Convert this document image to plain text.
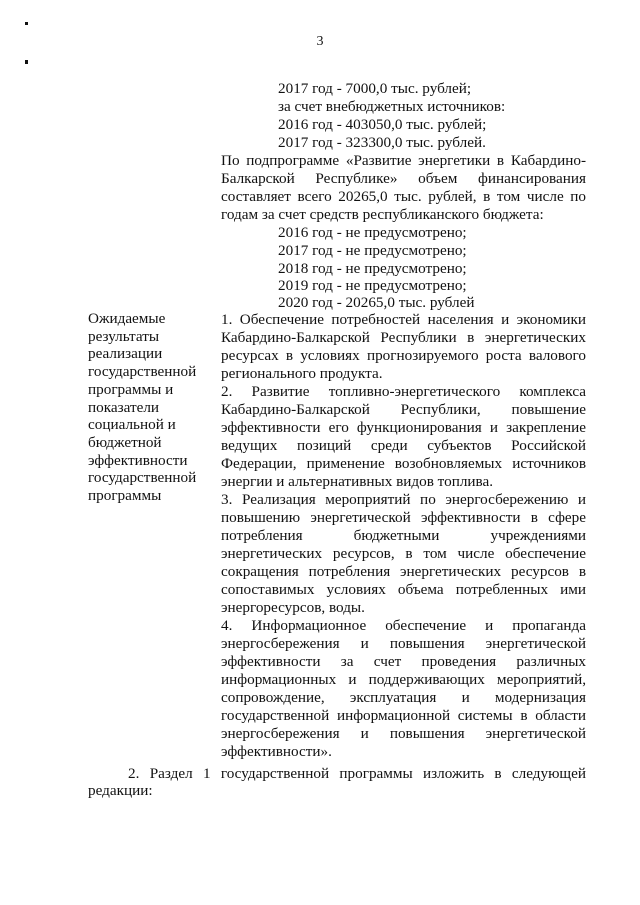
3
2017 год - 7000,0 тыс. рублей;
за счет внебюджетных источников:
2016 год - 403050,0 тыс. рублей;
2017 год - 323300,0 тыс. рублей.
По подпрограмме «Развитие энергетики в Кабардино-
Балкарской Республике» объем финансирования
составляет всего 20265,0 тыс. рублей, в том числе по
годам за счет средств республиканского бюджета:
2016 год - не предусмотрено;
2017 год - не предусмотрено;
2018 год - не предусмотрено;
2019 год - не предусмотрено;
2020 год - 20265,0 тыс. рублей
Ожидаемые
результаты
реализации
государственной
программы и
показатели
социальной и
бюджетной
эффективности
государственной
программы
1. Обеспечение потребностей населения и экономики
Кабардино-Балкарской Республики в энергетических
ресурсах в условиях прогнозируемого роста валового
регионального продукта.
2. Развитие топливно-энергетического комплекса
Кабардино-Балкарской Республики, повышение
эффективности его функционирования и закрепление
ведущих позиций среди субъектов Российской
Федерации, применение возобновляемых источников
энергии и альтернативных видов топлива.
3. Реализация мероприятий по энергосбережению и
повышению энергетической эффективности в сфере
потребления бюджетными учреждениями
энергетических ресурсов, в том числе обеспечение
сокращения потребления энергетических ресурсов в
сопоставимых условиях объема потребленных ими
энергоресурсов, воды.
4. Информационное обеспечение и пропаганда
энергосбережения и повышения энергетической
эффективности за счет проведения различных
информационных и поддерживающих мероприятий,
сопровождение, эксплуатация и модернизация
государственной информационной системы в области
энергосбережения и повышения энергетической
эффективности».
2. Раздел 1 государственной программы изложить в следующей
редакции:
